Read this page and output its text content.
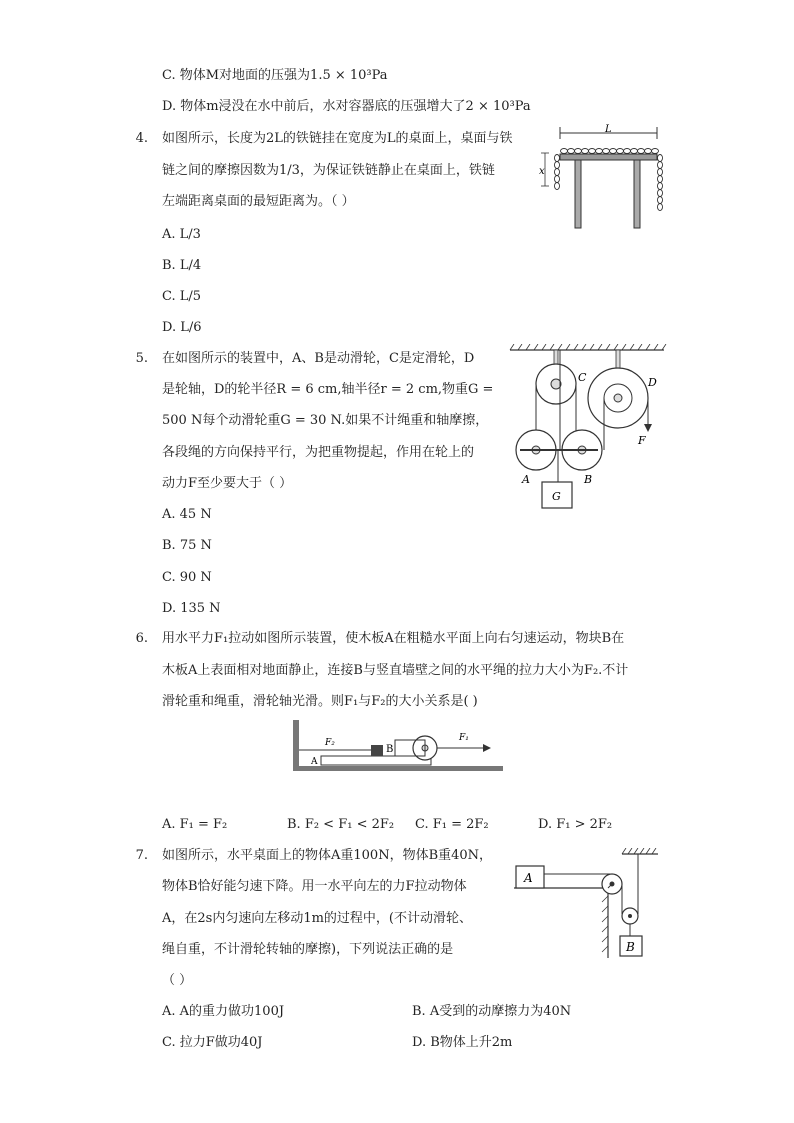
C. 物体M对地面的压强为1.5 × 10³Pa
D. 物体m浸没在水中前后，水对容器底的压强增大了2 × 10³Pa
4. 如图所示，长度为2L的铁链挂在宽度为L的桌面上，桌面与铁
链之间的摩擦因数为1/3，为保证铁链静止在桌面上，铁链
左端距离桌面的最短距离为。（ ）
A. L/3
B. L/4
C. L/5
D. L/6
L
x
5. 在如图所示的装置中，A、B是动滑轮，C是定滑轮，D
是轮轴，D的轮半径R = 6 cm,轴半径r = 2 cm,物重G =
500 N每个动滑轮重G = 30 N.如果不计绳重和轴摩擦，
各段绳的方向保持平行，为把重物提起，作用在轮上的
动力F至少要大于（ ）
A. 45 N
B. 75 N
C. 90 N
D. 135 N
C	D
F
A	B
G
6. 用水平力F₁拉动如图所示装置，使木板A在粗糙水平面上向右匀速运动，物块B在
木板A上表面相对地面静止，连接B与竖直墙壁之间的水平绳的拉力大小为F₂.不计
滑轮重和绳重，滑轮轴光滑。则F₁与F₂的大小关系是( )
A
B
F₂	F₁
A. F₁ = F₂	B. F₂ < F₁ < 2F₂ C. F₁ = 2F₂	D. F₁ > 2F₂
7. 如图所示，水平桌面上的物体A重100N，物体B重40N，
物体B恰好能匀速下降。用一水平向左的力F拉动物体
A，在2s内匀速向左移动1m的过程中，(不计动滑轮、
绳自重，不计滑轮转轴的摩擦)，下列说法正确的是
（ ）
A. A的重力做功100J	B. A受到的动摩擦力为40N
C. 拉力F做功40J	D. B物体上升2m
A
B
